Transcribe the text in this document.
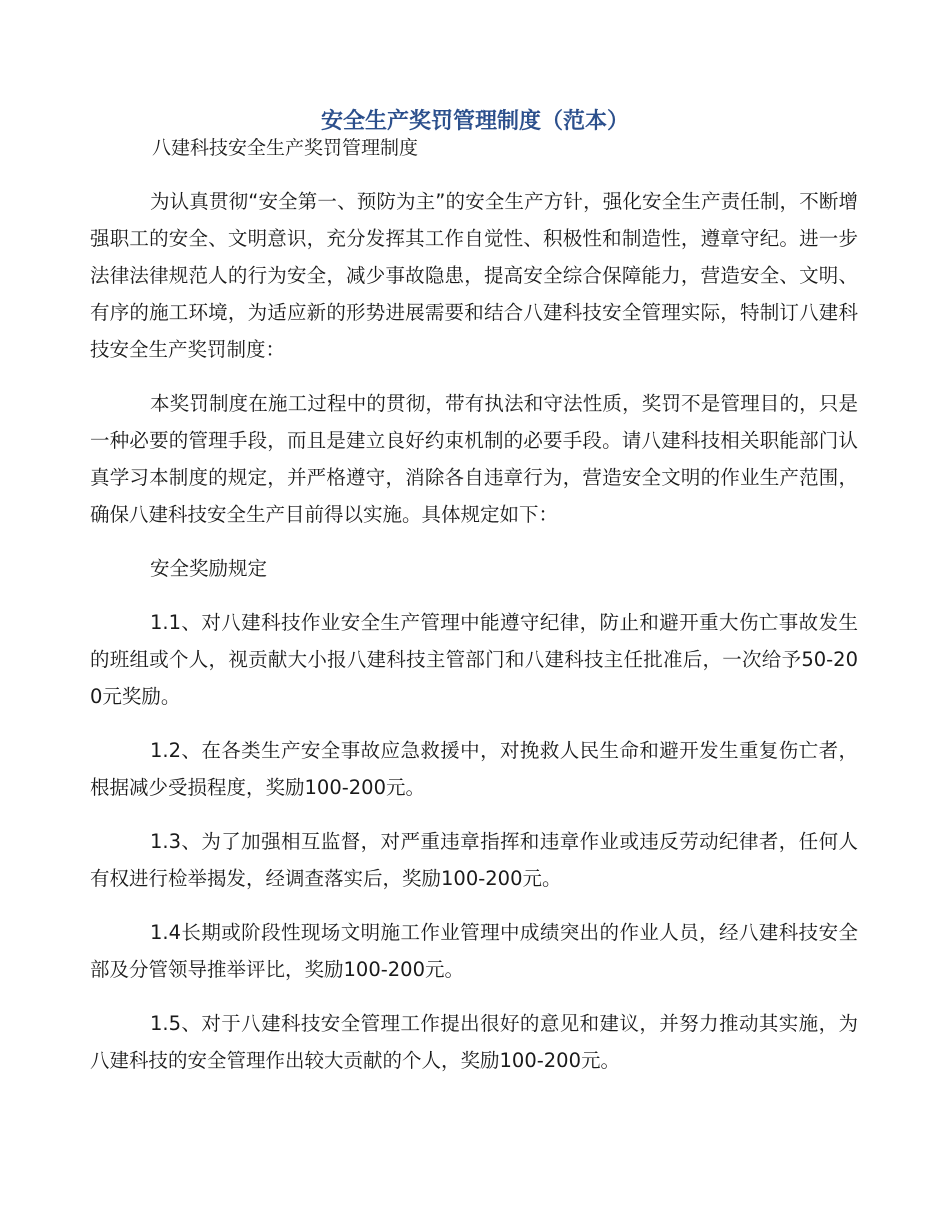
安全生产奖罚管理制度（范本）

八建科技安全生产奖罚管理制度

为认真贯彻“安全第一、预防为主”的安全生产方针，强化安全生产责任制，不断增强职工的安全、文明意识，充分发挥其工作自觉性、积极性和制造性，遵章守纪。进一步法律法律规范人的行为安全，减少事故隐患，提高安全综合保障能力，营造安全、文明、有序的施工环境，为适应新的形势进展需要和结合八建科技安全管理实际，特制订八建科技安全生产奖罚制度：

本奖罚制度在施工过程中的贯彻，带有执法和守法性质，奖罚不是管理目的，只是一种必要的管理手段，而且是建立良好约束机制的必要手段。请八建科技相关职能部门认真学习本制度的规定，并严格遵守，消除各自违章行为，营造安全文明的作业生产范围，确保八建科技安全生产目前得以实施。具体规定如下：

安全奖励规定

1.1、对八建科技作业安全生产管理中能遵守纪律，防止和避开重大伤亡事故发生的班组或个人，视贡献大小报八建科技主管部门和八建科技主任批准后，一次给予50-200元奖励。

1.2、在各类生产安全事故应急救援中，对挽救人民生命和避开发生重复伤亡者，根据减少受损程度，奖励100-200元。

1.3、为了加强相互监督，对严重违章指挥和违章作业或违反劳动纪律者，任何人有权进行检举揭发，经调查落实后，奖励100-200元。

1.4长期或阶段性现场文明施工作业管理中成绩突出的作业人员，经八建科技安全部及分管领导推举评比，奖励100-200元。

1.5、对于八建科技安全管理工作提出很好的意见和建议，并努力推动其实施，为八建科技的安全管理作出较大贡献的个人，奖励100-200元。
